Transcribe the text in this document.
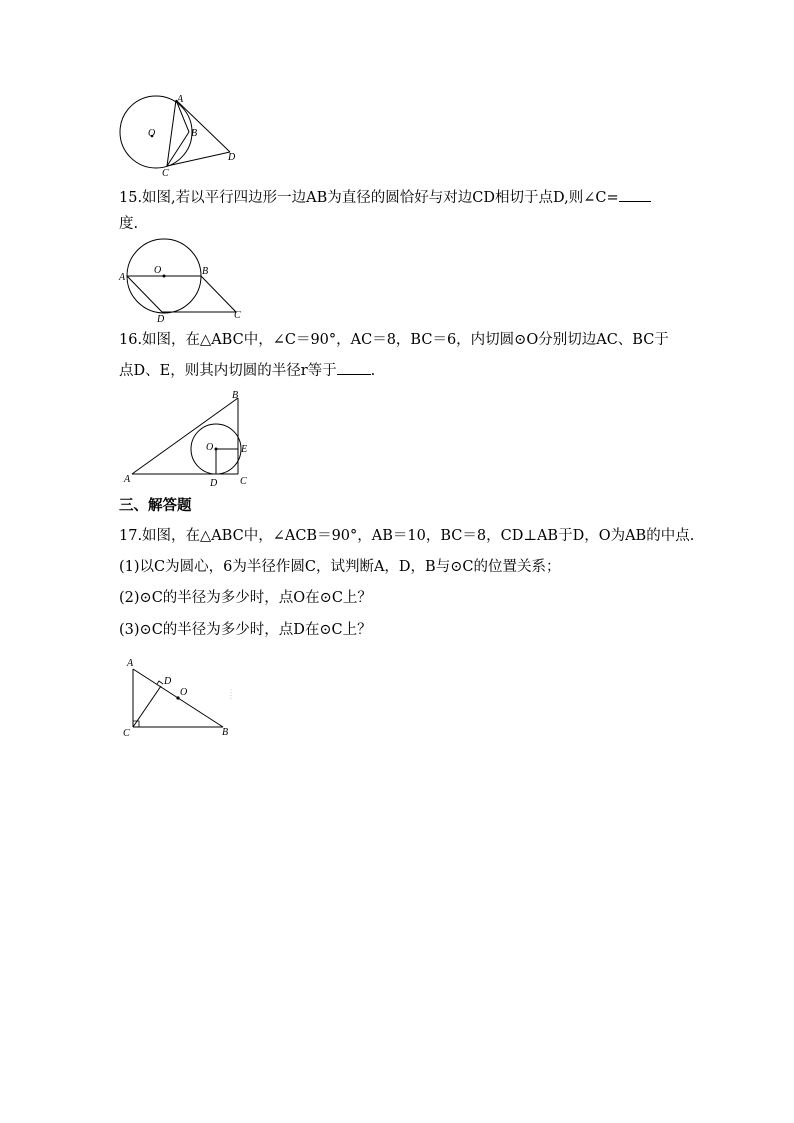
A
B
C
D
O
15.如图,若以平行四边形一边AB为直径的圆恰好与对边CD相切于点D,则∠C=
度.
A
O	B
D	C
16.如图，在△ABC中，∠C＝90°，AC＝8，BC＝6，内切圆⊙O分别切边AC、BC于
点D、E，则其内切圆的半径r等于 .
A
B
C
D
E
O
三、解答题
17.如图，在△ABC中，∠ACB＝90°，AB＝10，BC＝8，CD⊥AB于D，O为AB的中点.
(1)以C为圆心，6为半径作圆C，试判断A，D，B与⊙C的位置关系；
(2)⊙C的半径为多少时，点O在⊙C上？
(3)⊙C的半径为多少时，点D在⊙C上？
A
D
O
C	B
